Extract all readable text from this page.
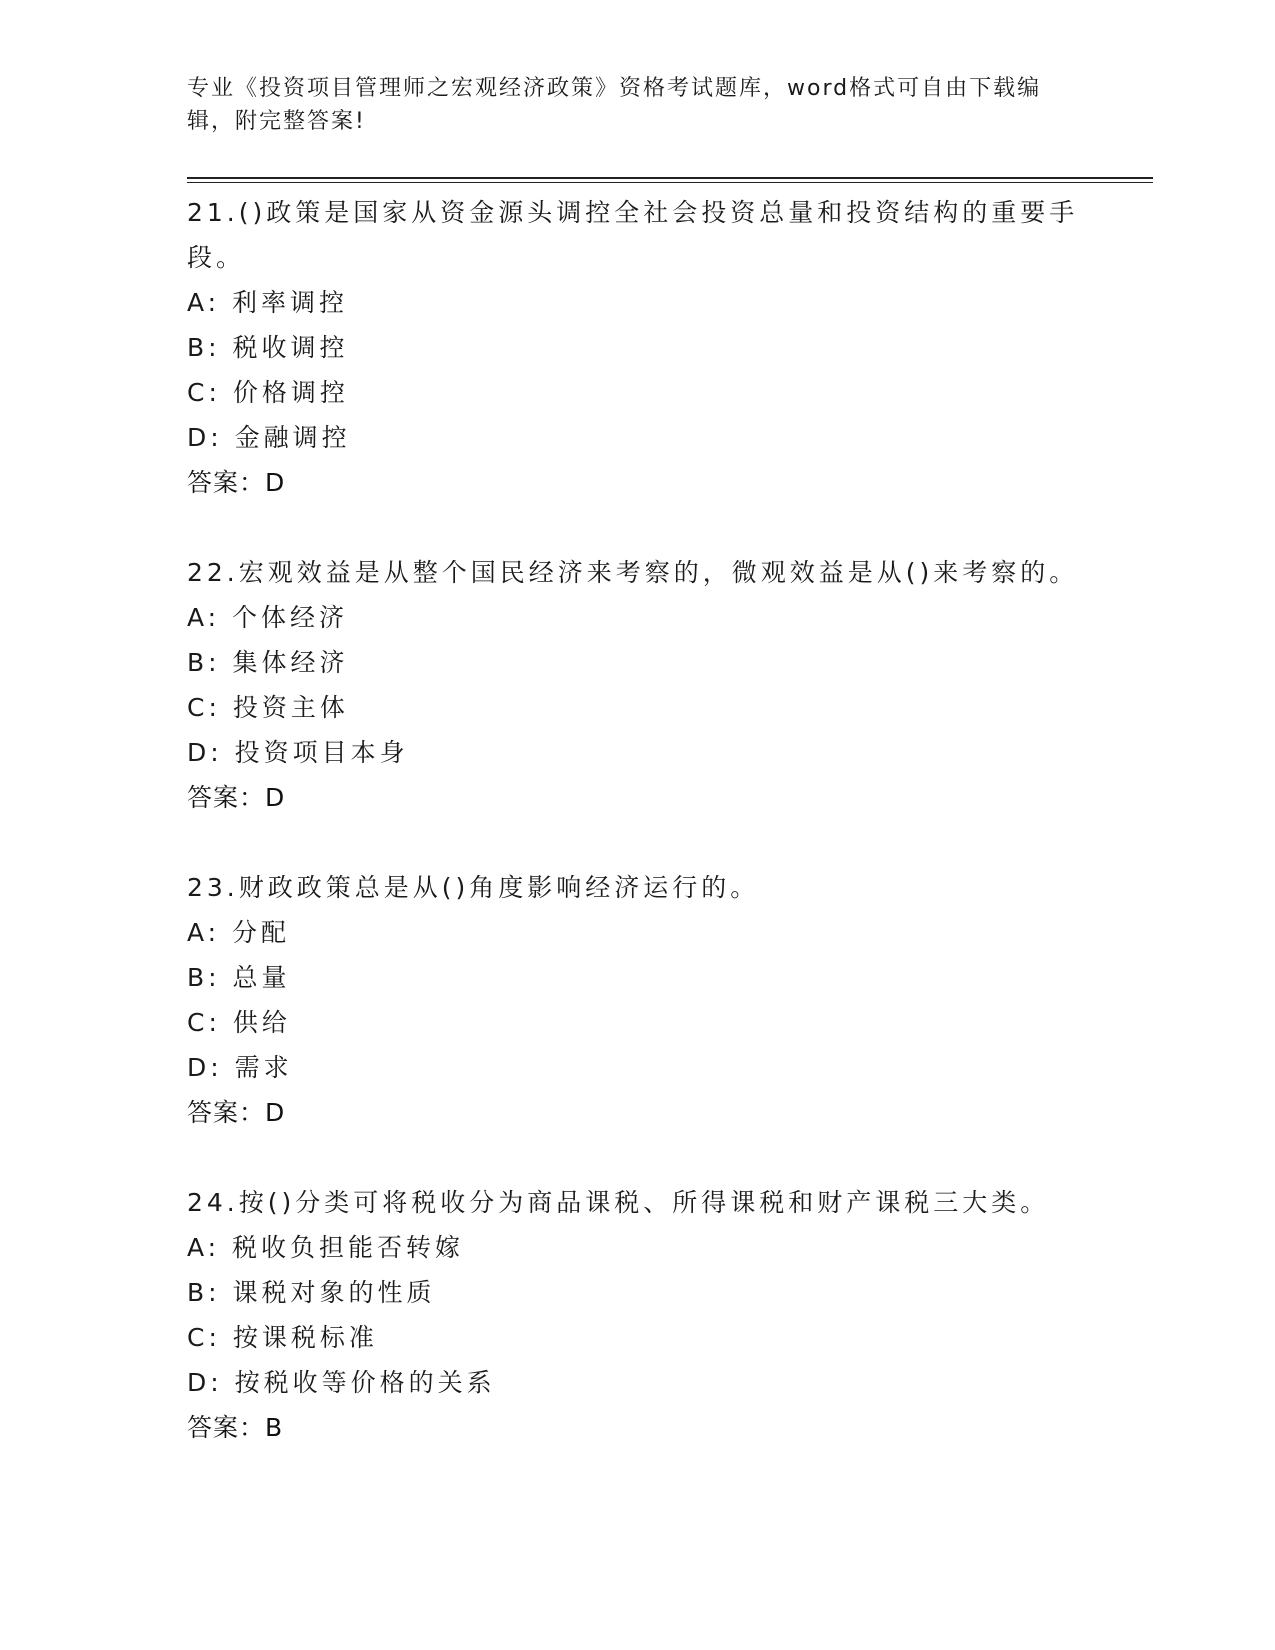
专业《投资项目管理师之宏观经济政策》资格考试题库，word格式可自由下载编
辑，附完整答案!
21.()政策是国家从资金源头调控全社会投资总量和投资结构的重要手段。
A: 利率调控
B: 税收调控
C: 价格调控
D: 金融调控
答案：D
22.宏观效益是从整个国民经济来考察的，微观效益是从()来考察的。
A: 个体经济
B: 集体经济
C: 投资主体
D: 投资项目本身
答案：D
23.财政政策总是从()角度影响经济运行的。
A: 分配
B: 总量
C: 供给
D: 需求
答案：D
24.按()分类可将税收分为商品课税、所得课税和财产课税三大类。
A: 税收负担能否转嫁
B: 课税对象的性质
C: 按课税标准
D: 按税收等价格的关系
答案：B
